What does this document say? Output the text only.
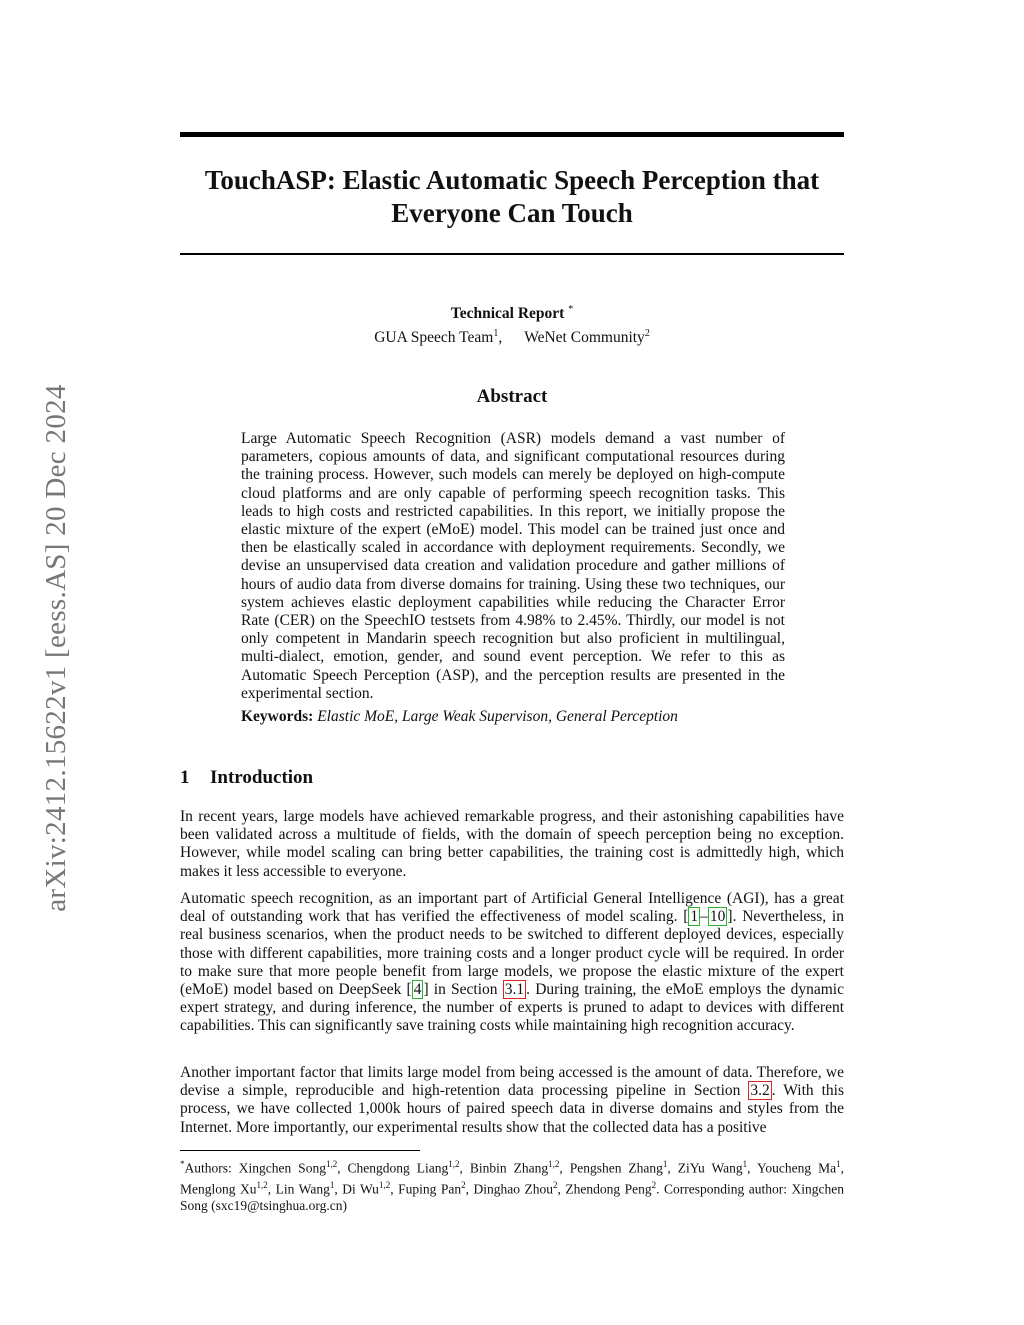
arXiv:2412.15622v1 [eess.AS] 20 Dec 2024
TouchASP: Elastic Automatic Speech Perception that
Everyone Can Touch
Technical Report *
GUA Speech Team$^1$, WeNet Community$^2$
Abstract

Large Automatic Speech Recognition (ASR) models demand a vast number of parameters, copious amounts of data, and significant computational resources during the training process. However, such models can merely be deployed on high-compute cloud platforms and are only capable of performing speech recognition tasks. This leads to high costs and restricted capabilities. In this report, we initially propose the elastic mixture of the expert (eMoE) model. This model can be trained just once and then be elastically scaled in accordance with deployment requirements. Secondly, we devise an unsupervised data creation and validation procedure and gather millions of hours of audio data from diverse domains for training. Using these two techniques, our system achieves elastic deployment capabilities while reducing the Character Error Rate (CER) on the SpeechIO testsets from 4.98% to 2.45%. Thirdly, our model is not only competent in Mandarin speech recognition but also proficient in multilingual, multi-dialect, emotion, gender, and sound event perception. We refer to this as Automatic Speech Perception (ASP), and the perception results are presented in the experimental section.

Keywords: Elastic MoE, Large Weak Supervison, General Perception
1 Introduction

In recent years, large models have achieved remarkable progress, and their astonishing capabilities have been validated across a multitude of fields, with the domain of speech perception being no exception. However, while model scaling can bring better capabilities, the training cost is admittedly high, which makes it less accessible to everyone.

Automatic speech recognition, as an important part of Artificial General Intelligence (AGI), has a great deal of outstanding work that has verified the effectiveness of model scaling. [ 1 – 10 ]. Nevertheless, in real business scenarios, when the product needs to be switched to different deployed devices, especially those with different capabilities, more training costs and a longer product cycle will be required. In order to make sure that more people benefit from large models, we propose the elastic mixture of the expert (eMoE) model based on DeepSeek [ 4 ] in Section 3.1 . During training, the eMoE employs the dynamic expert strategy, and during inference, the number of experts is pruned to adapt to devices with different capabilities. This can significantly save training costs while maintaining high recognition accuracy.

Another important factor that limits large model from being accessed is the amount of data. Therefore, we devise a simple, reproducible and high-retention data processing pipeline in Section 3.2 . With this process, we have collected 1,000k hours of paired speech data in diverse domains and styles from the Internet. More importantly, our experimental results show that the collected data has a positive

*Authors: Xingchen Song$^{1,2}$, Chengdong Liang$^{1,2}$, Binbin Zhang$^{1,2}$, Pengshen Zhang$^1$, ZiYu Wang$^1$, Youcheng Ma$^1$, Menglong Xu$^{1,2}$, Lin Wang$^1$, Di Wu$^{1,2}$, Fuping Pan$^2$, Dinghao Zhou$^2$, Zhendong Peng$^2$. Corresponding author: Xingchen Song (sxc19@tsinghua.org.cn)
